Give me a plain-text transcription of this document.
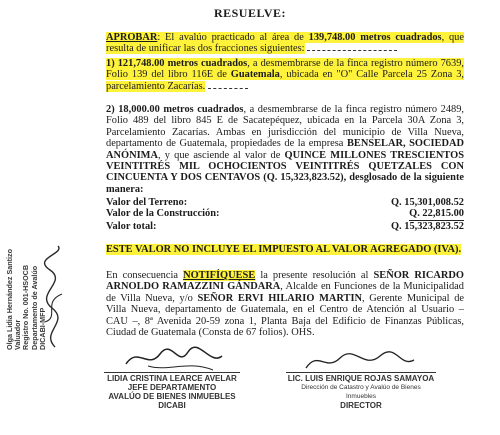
RESUELVE:
APROBAR: El avalúo practicado al área de 139,748.00 metros cuadrados, que resulta de unificar las dos fracciones siguientes:
1) 121,748.00 metros cuadrados, a desmembrarse de la finca registro número 7639, Folio 139 del libro 116E de Guatemala, ubicada en "O" Calle Parcela 25 Zona 3, parcelamiento Zacarías.
2) 18,000.00 metros cuadrados, a desmembrarse de la finca registro número 2489, Folio 489 del libro 845 E de Sacatepéquez, ubicada en la Parcela 30A Zona 3, Parcelamiento Zacarías. Ambas en jurisdicción del municipio de Villa Nueva, departamento de Guatemala, propiedades de la empresa BENSELAR, SOCIEDAD ANÓNIMA, y que asciende al valor de QUINCE MILLONES TRESCIENTOS VEINTITRÉS MIL OCHOCIENTOS VEINTITRÉS QUETZALES CON CINCUENTA Y DOS CENTAVOS (Q. 15,323,823.52), desglosado de la siguiente manera:
Valor del Terreno:	Q. 15,301,008.52
Valor de la Construcción:	Q. 22,815.00
Valor total:	Q. 15,323,823.52
ESTE VALOR NO INCLUYE EL IMPUESTO AL VALOR AGREGADO (IVA).
En consecuencia NOTIFÍQUESE la presente resolución al SEÑOR RICARDO ARNOLDO RAMAZZINI GÁNDARA, Alcalde en Funciones de la Municipalidad de Villa Nueva, y/o SEÑOR ERVI HILARIO MARTIN, Gerente Municipal de Villa Nueva, departamento de Guatemala, en el Centro de Atención al Usuario – CAU –, 8ª Avenida 20-59 zona 1, Planta Baja del Edificio de Finanzas Públicas, Ciudad de Guatemala (Consta de 67 folios). OHS.
Olga Lidia Hernández Santizo Valuador Registro No. 001-HSOCB Departamento de Avalúo DICABI-MFP
LIDIA CRISTINA LEARCE AVELAR
JEFE DEPARTAMENTO
AVALÚO DE BIENES INMUEBLES
DICABI
LIC. LUIS ENRIQUE ROJAS SAMAYOA
Dirección de Catastro y Avalúo de Bienes Inmuebles
DIRECTOR
